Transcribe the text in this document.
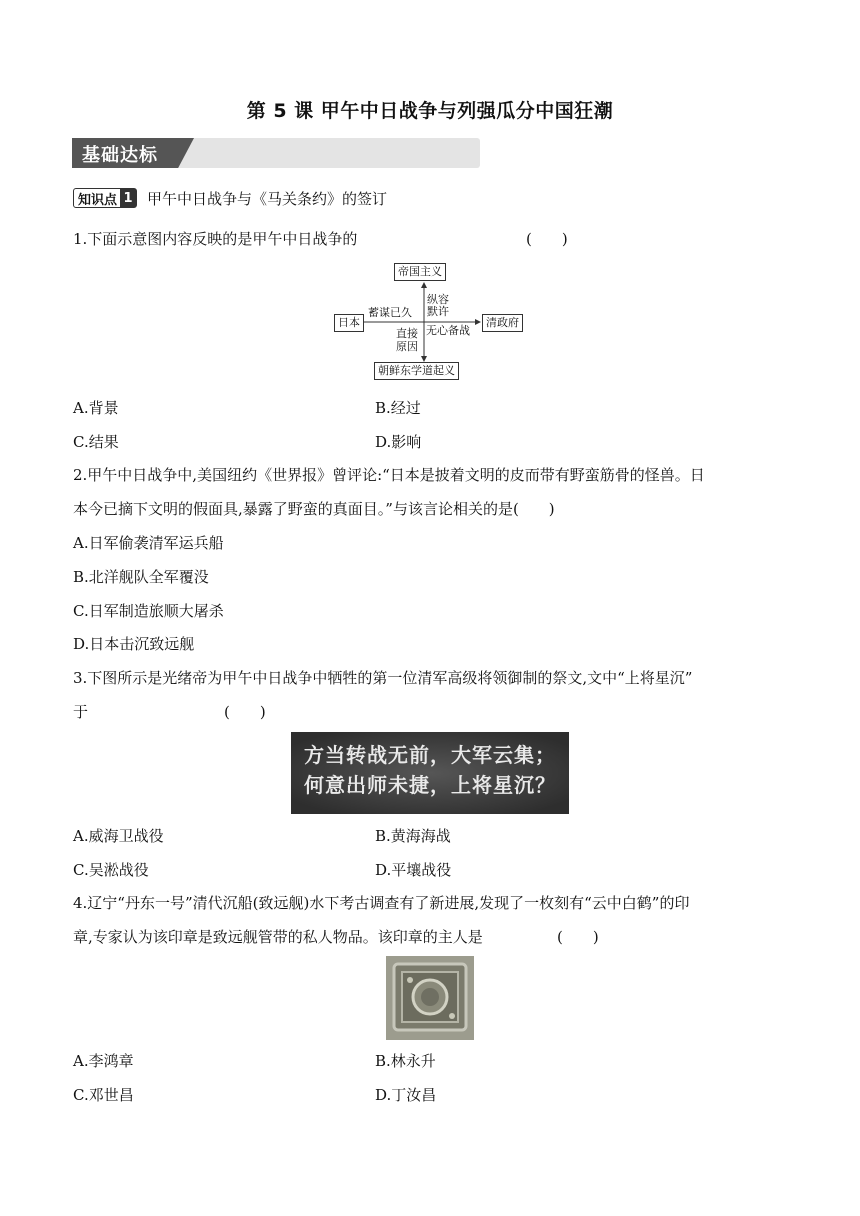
第 5 课 甲午中日战争与列强瓜分中国狂潮
基础达标
知识点 1 甲午中日战争与《马关条约》的签订
1.下面示意图内容反映的是甲午中日战争的	(　　)
帝国主义
日本	清政府
朝鲜东学道起义
蓄谋已久
纵容
默许
无心备战
直接
原因
A.背景	B.经过
C.结果	D.影响
2.甲午中日战争中,美国纽约《世界报》曾评论:“日本是披着文明的皮而带有野蛮筋骨的怪兽。日
本今已摘下文明的假面具,暴露了野蛮的真面目。”与该言论相关的是(　　)
A.日军偷袭清军运兵船
B.北洋舰队全军覆没
C.日军制造旅顺大屠杀
D.日本击沉致远舰
3.下图所示是光绪帝为甲午中日战争中牺牲的第一位清军高级将领御制的祭文,文中“上将星沉”
于	(　　)
方当转战无前，大军云集；
何意出师未捷，上将星沉？
A.威海卫战役	B.黄海海战
C.吴淞战役	D.平壤战役
4.辽宁“丹东一号”清代沉船(致远舰)水下考古调查有了新进展,发现了一枚刻有“云中白鹤”的印
章,专家认为该印章是致远舰管带的私人物品。该印章的主人是	(　　)
A.李鸿章	B.林永升
C.邓世昌	D.丁汝昌
